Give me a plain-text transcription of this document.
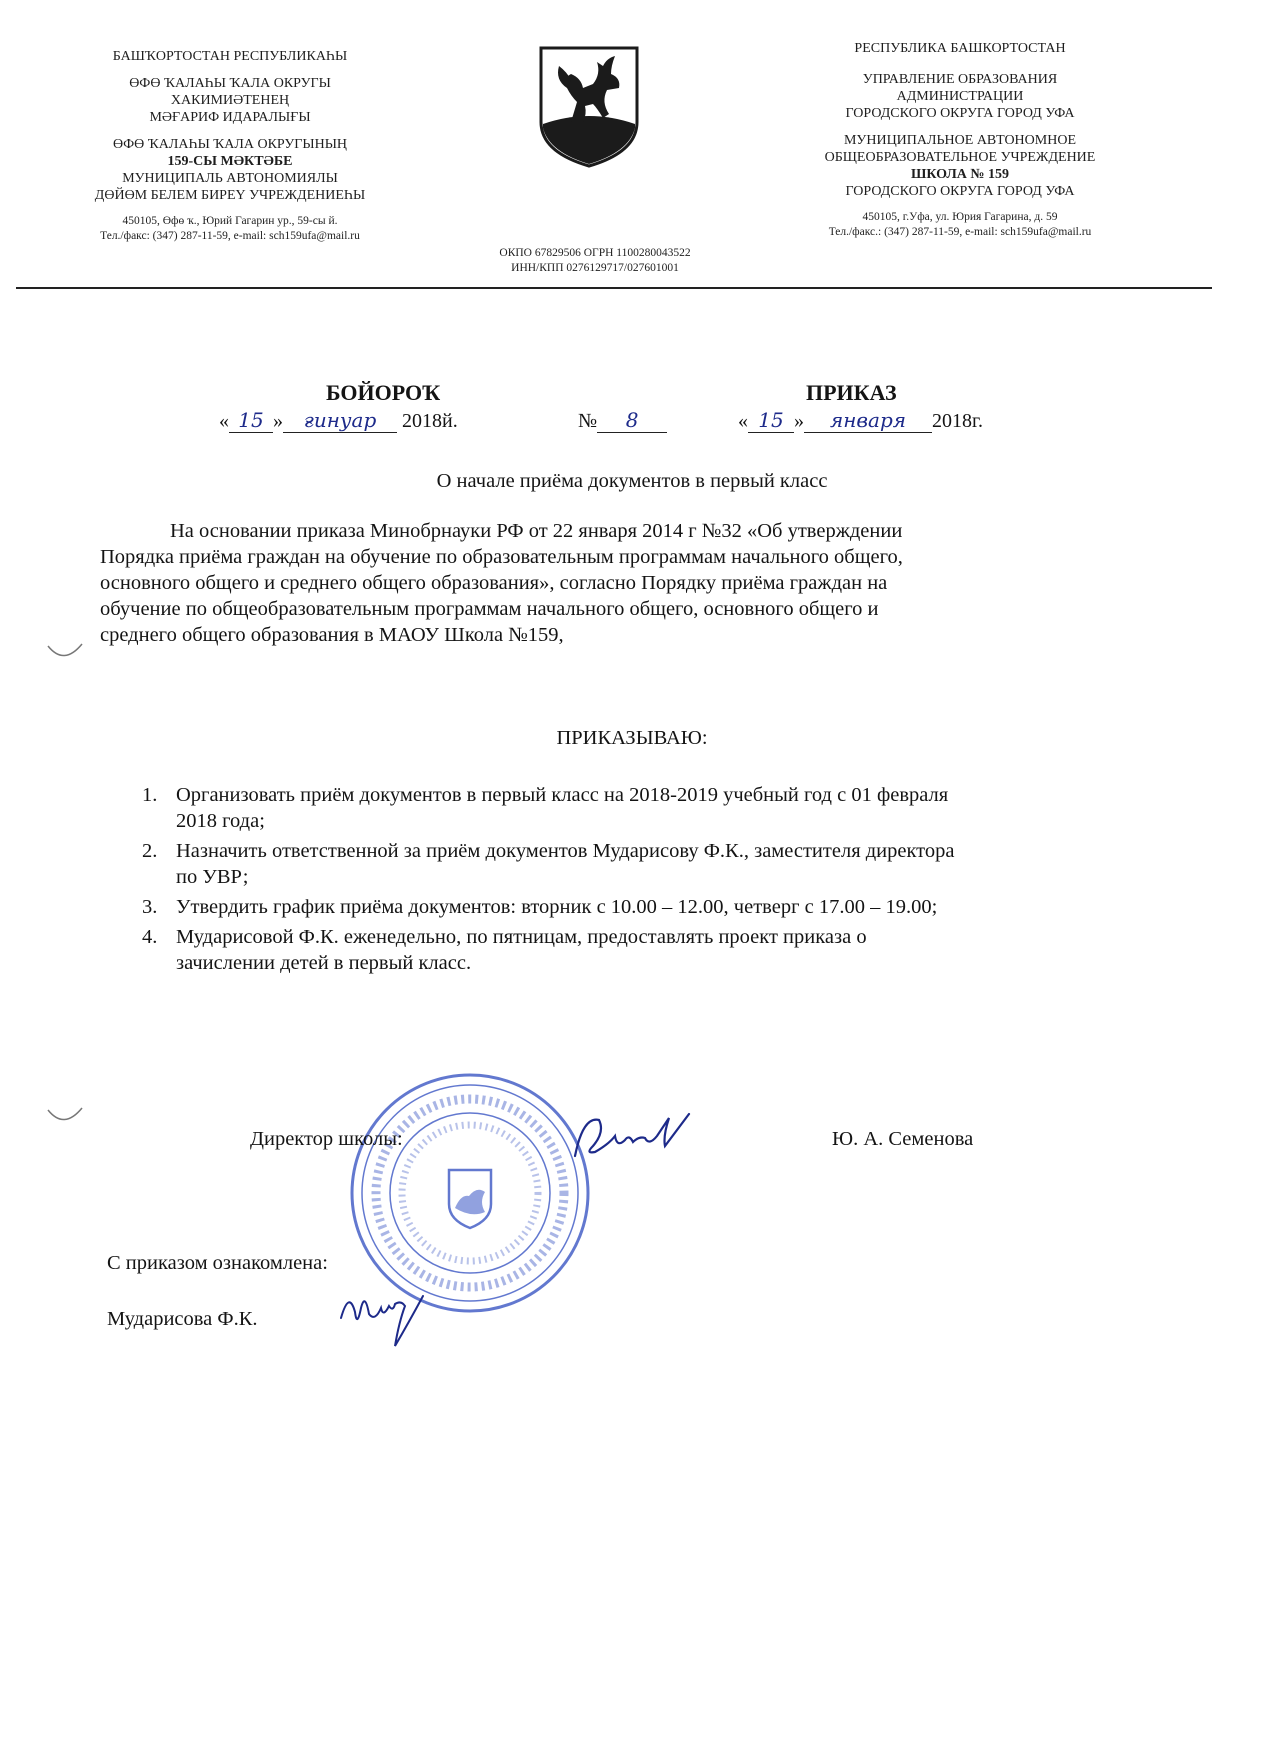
БАШҠОРТОСТАН РЕСПУБЛИКАҺЫ
ӨФӨ ҠАЛАҺЫ ҠАЛА ОКРУГЫ
ХАКИМИӘТЕНЕҢ
МӘҒАРИФ ИДАРАЛЫҒЫ
ӨФӨ ҠАЛАҺЫ ҠАЛА ОКРУГЫНЫҢ
159-СЫ МӘКТӘБЕ
МУНИЦИПАЛЬ АВТОНОМИЯЛЫ
ДӨЙӨМ БЕЛЕМ БИРЕҮ УЧРЕЖДЕНИЕҺЫ
450105, Өфө ҡ., Юрий Гагарин ур., 59-сы й.
Тел./факс: (347) 287-11-59, e-mail: sch159ufa@mail.ru
РЕСПУБЛИКА БАШКОРТОСТАН
УПРАВЛЕНИЕ ОБРАЗОВАНИЯ
АДМИНИСТРАЦИИ
ГОРОДСКОГО ОКРУГА ГОРОД УФА
МУНИЦИПАЛЬНОЕ АВТОНОМНОЕ
ОБЩЕОБРАЗОВАТЕЛЬНОЕ УЧРЕЖДЕНИЕ
ШКОЛА № 159
ГОРОДСКОГО ОКРУГА ГОРОД УФА
450105, г.Уфа, ул. Юрия Гагарина, д. 59
Тел./факс.: (347) 287-11-59, e-mail: sch159ufa@mail.ru
ОКПО 67829506 ОГРН 1100280043522
ИНН/КПП 0276129717/027601001
БОЙОРОҠ	ПРИКАЗ
« 15 » ғинуар 2018й.	№ 8	« 15 » января 2018г.
О начале приёма документов в первый класс

На основании приказа Минобрнауки РФ от 22 января 2014 г №32 «Об утверждении
Порядка приёма граждан на обучение по образовательным программам начального общего,
основного общего и среднего общего образования», согласно Порядку приёма граждан на
обучение по общеобразовательным программам начального общего, основного общего и
среднего общего образования в МАОУ Школа №159,

ПРИКАЗЫВАЮ:
1. Организовать приём документов в первый класс на 2018-2019 учебный год с 01 февраля
2018 года;
2. Назначить ответственной за приём документов Мударисову Ф.К., заместителя директора
по УВР;
3. Утвердить график приёма документов: вторник с 10.00 – 12.00, четверг с 17.00 – 19.00;
4. Мударисовой Ф.К. еженедельно, по пятницам, предоставлять проект приказа о
зачислении детей в первый класс.
Директор школы:	Ю. А. Семенова
С приказом ознакомлена:
Мударисова Ф.К.
